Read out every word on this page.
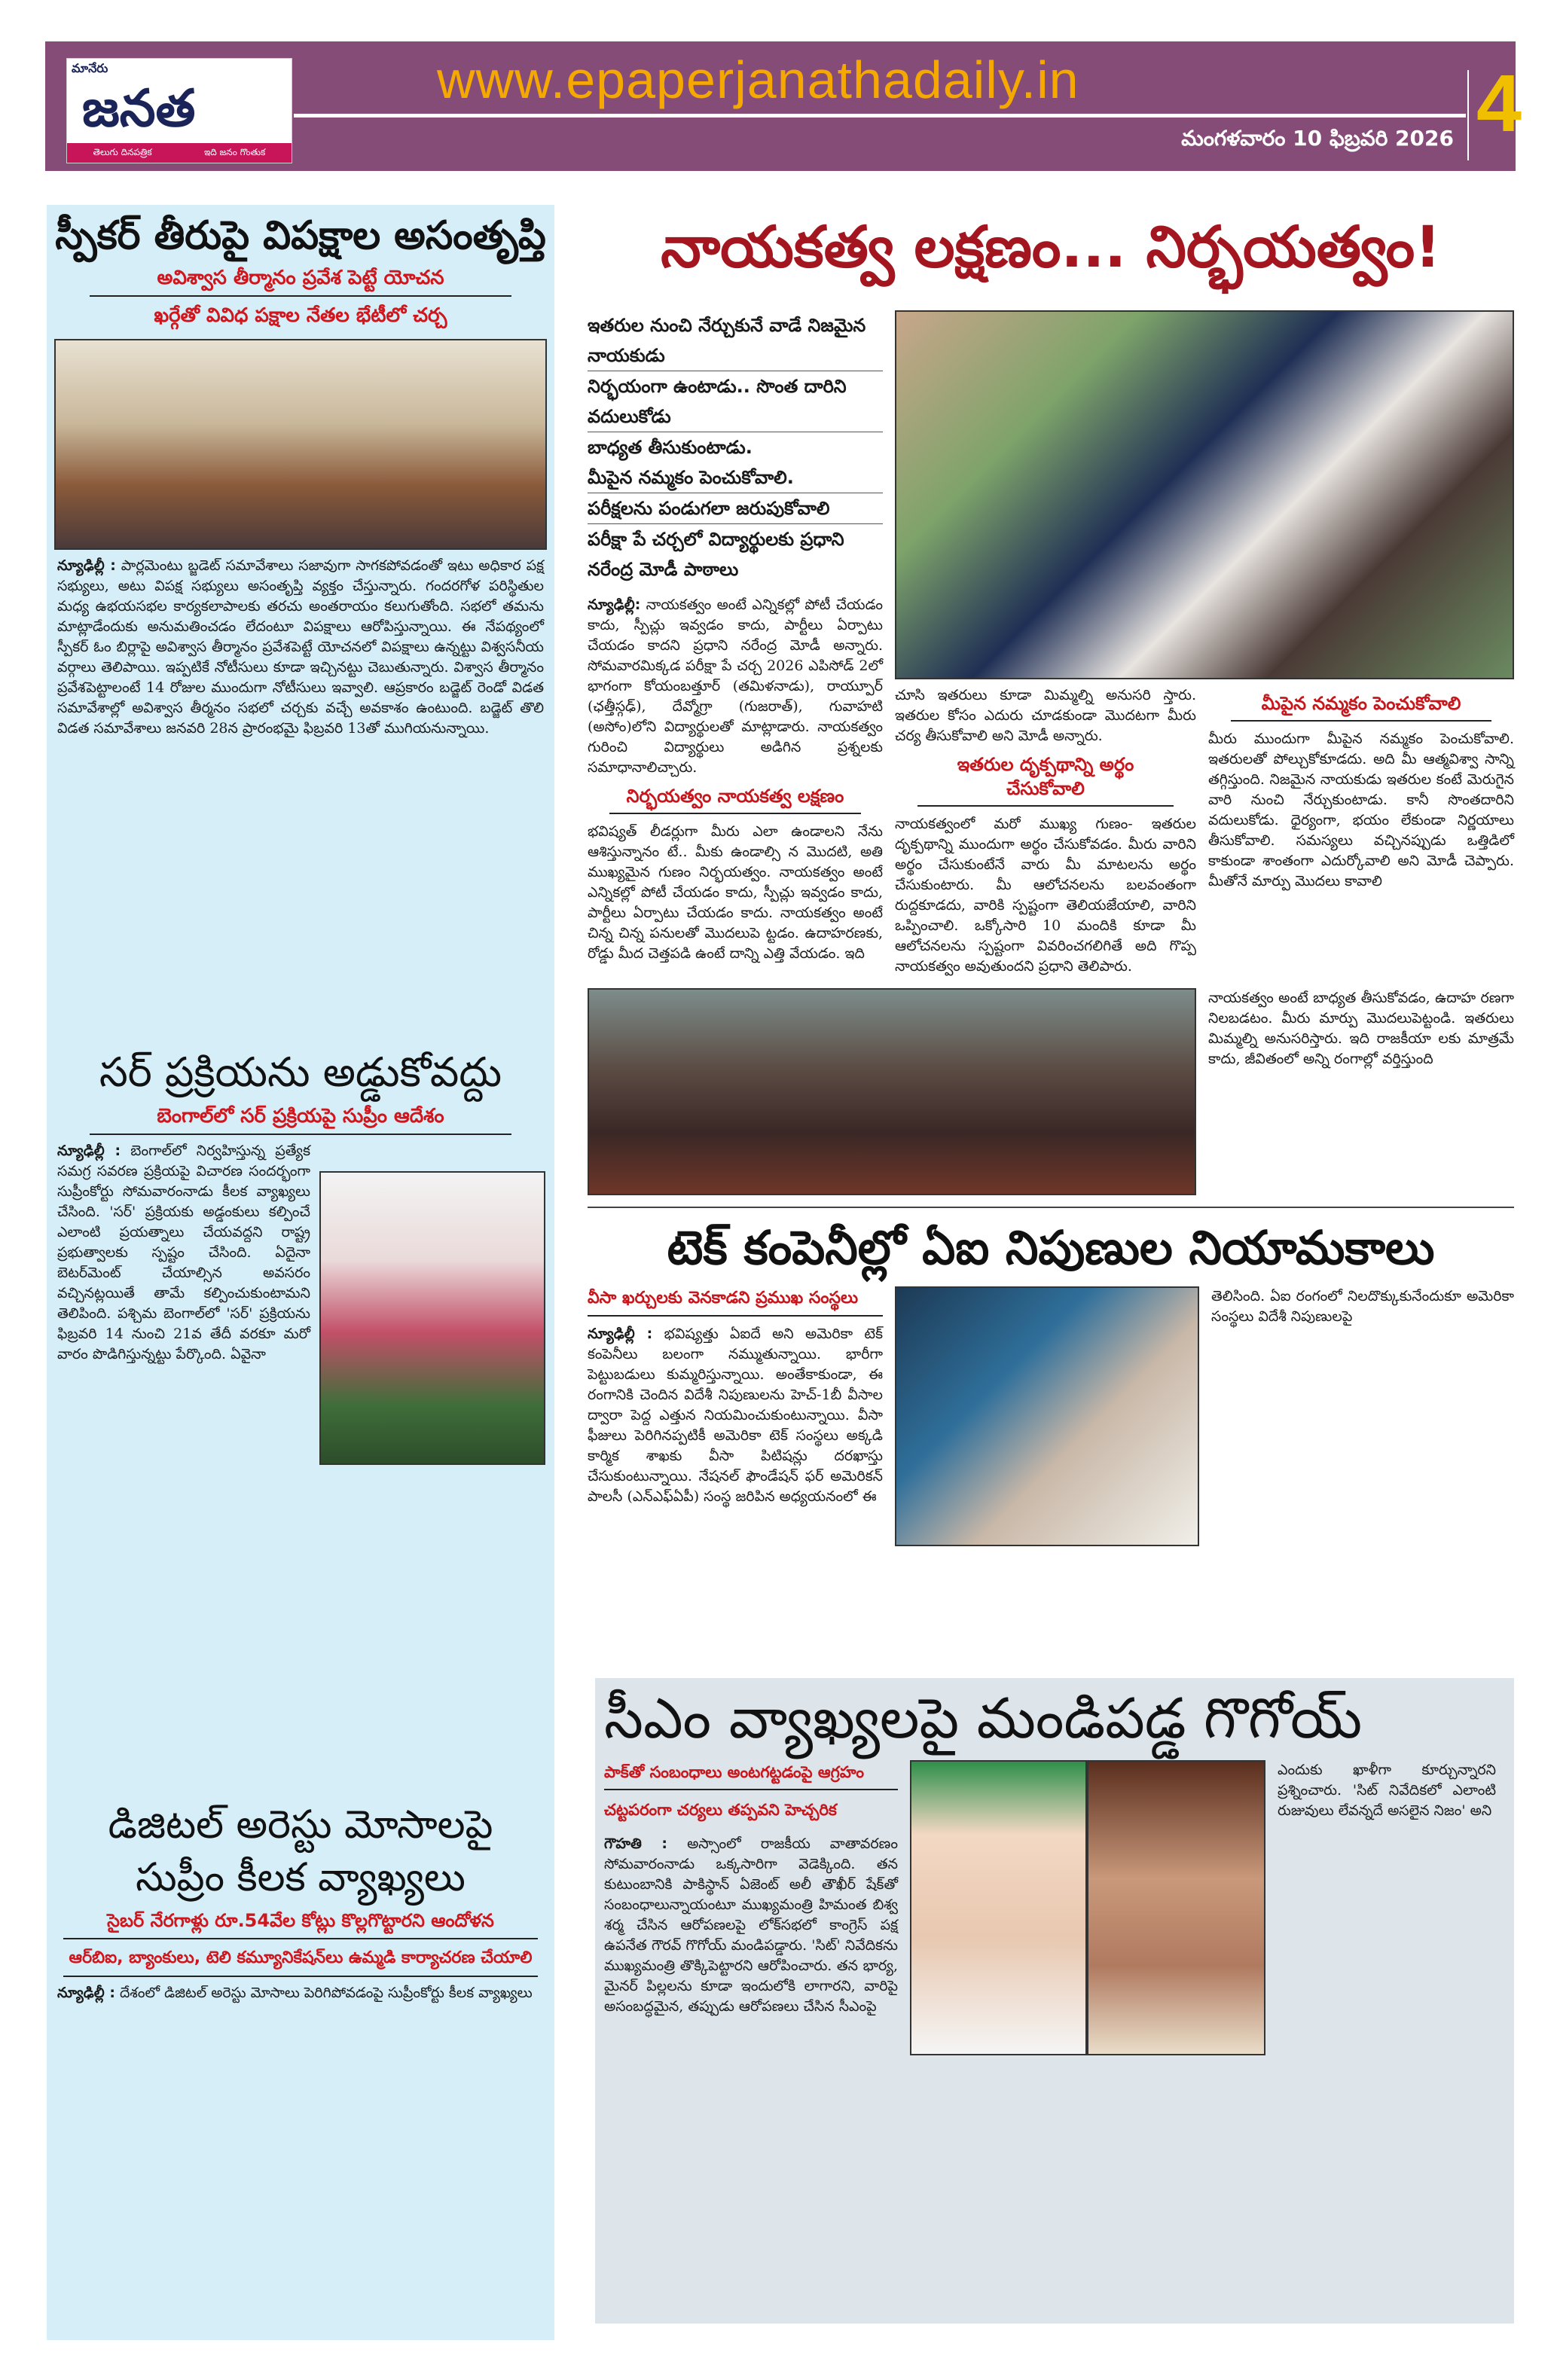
మానేరు
జనత
తెలుగు దినపత్రిక	ఇది జనం గొంతుక
www.epaperjanathadaily.in
మంగళవారం 10 ఫిబ్రవరి 2026 4
స్పీకర్ తీరుపై విపక్షాల అసంతృప్తి
అవిశ్వాస తీర్మానం ప్రవేశ పెట్టే యోచన
ఖర్గేతో వివిధ పక్షాల నేతల భేటీలో చర్చ
న్యూఢిల్లీ : పార్లమెంటు బ్జడెట్ సమావేశాలు సజావుగా సాగకపోవడంతో ఇటు అధికార పక్ష సభ్యులు, అటు విపక్ష సభ్యులు అసంతృప్తి వ్యక్తం చేస్తున్నారు. గందరగోళ పరిస్థితుల మధ్య ఉభయసభల కార్యకలాపాలకు తరచు అంతరాయం కలుగుతోంది. సభలో తమను మాట్లాడేందుకు అనుమతించడం లేదంటూ విపక్షాలు ఆరోపిస్తున్నాయి. ఈ నేపథ్యంలో స్పీకర్ ఓం బిర్లాపై అవిశ్వాస తీర్మానం ప్రవేశపెట్టే యోచనలో విపక్షాలు ఉన్నట్టు విశ్వసనీయ వర్గాలు తెలిపాయి. ఇప్పటికే నోటీసులు కూడా ఇచ్చినట్టు చెబుతున్నారు. విశ్వాస తీర్మానం ప్రవేశపెట్టాలంటే 14 రోజుల ముందుగా నోటీసులు ఇవ్వాలి. ఆప్రకారం బడ్జెట్ రెండో విడత సమావేశాల్లో అవిశ్వాస తీర్మనం సభలో చర్చకు వచ్చే అవకాశం ఉంటుంది. బడ్జెట్ తొలి విడత సమావేశాలు జనవరి 28న ప్రారంభమై ఫిబ్రవరి 13తో ముగియనున్నాయి.
సర్ ప్రక్రియను అడ్డుకోవద్దు
బెంగాల్‌లో సర్ ప్రక్రియపై సుప్రీం ఆదేశం
న్యూఢిల్లీ : బెంగాల్‌లో నిర్వహిస్తున్న ప్రత్యేక సమగ్ర సవరణ ప్రక్రియపై విచారణ సందర్భంగా సుప్రీంకోర్టు సోమవారంనాడు కీలక వ్యాఖ్యలు చేసింది. 'సర్' ప్రక్రియకు అడ్డంకులు కల్పించే ఎలాంటి ప్రయత్నాలు చేయవద్దని రాష్ట్ర ప్రభుత్వాలకు స్పష్టం చేసింది. ఏదైనా బెటర్‌మెంట్ చేయాల్సిన అవసరం వచ్చినట్లయితే తామే కల్పించుకుంటామని తెలిపింది. పశ్చిమ బెంగాల్‌లో 'సర్' ప్రక్రియను ఫిబ్రవరి 14 నుంచి 21వ తేదీ వరకూ మరో వారం పొడిగిస్తున్నట్టు పేర్కొంది. ఏవైనా
డిజిటల్ అరెస్టు మోసాలపై
సుప్రీం కీలక వ్యాఖ్యలు
సైబర్ నేరగాళ్లు రూ.54వేల కోట్లు కొల్లగొట్టారని ఆందోళన
ఆర్‌బిఐ, బ్యాంకులు, టెలి కమ్యూనికేషన్‌లు ఉమ్మడి కార్యాచరణ చేయాలి
న్యూఢిల్లీ : దేశంలో డిజిటల్ అరెస్టు మోసాలు పెరిగిపోవడంపై సుప్రీంకోర్టు కీలక వ్యాఖ్యలు
నాయకత్వ లక్షణం... నిర్భయత్వం!
ఇతరుల నుంచి నేర్చుకునే వాడే నిజమైన నాయకుడు
నిర్భయంగా ఉంటాడు.. సొంత దారిని వదులుకోడు
బాధ్యత తీసుకుంటాడు.
మీపైన నమ్మకం పెంచుకోవాలి.
పరీక్షలను పండుగలా జరుపుకోవాలి
పరీక్షా పే చర్చలో విద్యార్థులకు ప్రధాని నరేంద్ర మోడీ పాఠాలు
న్యూఢిల్లీ: నాయకత్వం అంటే ఎన్నికల్లో పోటీ చేయడం కాదు, స్పీచ్లు ఇవ్వడం కాదు, పార్టీలు ఏర్పాటు చేయడం కాదని ప్రధాని నరేంద్ర మోడీ అన్నారు. సోమవారమిక్కడ పరీక్షా పే చర్చ 2026 ఎపిసోడ్ 2లో భాగంగా కోయంబత్తూర్ (తమిళనాడు), రాయ్పూర్ (ఛత్తీస్గఢ్), దేవ్మోగ్రా (గుజరాత్), గువాహటి (అసోం)లోని విద్యార్థులతో మాట్లాడారు. నాయకత్వం గురించి విద్యార్థులు అడిగిన ప్రశ్నలకు సమాధానాలిచ్చారు.
నిర్భయత్వం నాయకత్వ లక్షణం
భవిష్యత్ లీడర్లుగా మీరు ఎలా ఉండాలని నేను ఆశిస్తున్నానం టే.. మీకు ఉండాల్సి న మొదటి, అతి ముఖ్యమైన గుణం నిర్భయత్వం. నాయకత్వం అంటే ఎన్నికల్లో పోటీ చేయడం కాదు, స్పీచ్లు ఇవ్వడం కాదు, పార్టీలు ఏర్పాటు చేయడం కాదు. నాయకత్వం అంటే చిన్న చిన్న పనులతో మొదలుపె ట్టడం. ఉదాహరణకు, రోడ్డు మీద చెత్తపడి ఉంటే దాన్ని ఎత్తి వేయడం. ఇది
చూసి ఇతరులు కూడా మిమ్మల్ని అనుసరి స్తారు. ఇతరుల కోసం ఎదురు చూడకుండా మొదటగా మీరు చర్య తీసుకోవాలి అని మోడీ అన్నారు.
ఇతరుల దృక్పథాన్ని అర్థం చేసుకోవాలి
నాయకత్వంలో మరో ముఖ్య గుణం- ఇతరుల దృక్పథాన్ని ముందుగా అర్థం చేసుకోవడం. మీరు వారిని అర్థం చేసుకుంటేనే వారు మీ మాటలను అర్థం చేసుకుంటారు. మీ ఆలోచనలను బలవంతంగా రుద్దకూడదు, వారికి స్పష్టంగా తెలియజేయాలి, వారిని ఒప్పించాలి. ఒక్కోసారి 10 మందికి కూడా మీ ఆలోచనలను స్పష్టంగా వివరించగలిగితే అది గొప్ప నాయకత్వం అవుతుందని ప్రధాని తెలిపారు.
మీపైన నమ్మకం పెంచుకోవాలి
మీరు ముందుగా మీపైన నమ్మకం పెంచుకోవాలి. ఇతరులతో పోల్చుకోకూడదు. అది మీ ఆత్మవిశ్వా సాన్ని తగ్గిస్తుంది. నిజమైన నాయకుడు ఇతరుల కంటే మెరుగైన వారి నుంచి నేర్చుకుంటాడు. కానీ సొంతదారిని వదులుకోడు. ధైర్యంగా, భయం లేకుండా నిర్ణయాలు తీసుకోవాలి. సమస్యలు వచ్చినప్పుడు ఒత్తిడిలో కాకుండా శాంతంగా ఎదుర్కోవాలి అని మోడీ చెప్పారు. మీతోనే మార్పు మొదలు కావాలి
నాయకత్వం అంటే బాధ్యత తీసుకోవడం, ఉదాహ రణగా నిలబడటం. మీరు మార్పు మొదలుపెట్టండి. ఇతరులు మిమ్మల్ని అనుసరిస్తారు. ఇది రాజకీయా లకు మాత్రమే కాదు, జీవితంలో అన్ని రంగాల్లో వర్తిస్తుంది
టెక్ కంపెనీల్లో ఏఐ నిపుణుల నియామకాలు
వీసా ఖర్చులకు వెనకాడని ప్రముఖ సంస్థలు
న్యూఢిల్లీ : భవిష్యత్తు ఏఐదే అని అమెరికా టెక్ కంపెనీలు బలంగా నమ్ముతున్నాయి. భారీగా పెట్టుబడులు కుమ్మరిస్తున్నాయి. అంతేకాకుండా, ఈ రంగానికి చెందిన విదేశీ నిపుణులను హెచ్-1బీ వీసాల ద్వారా పెద్ద ఎత్తున నియమించుకుంటున్నాయి. వీసా ఫీజులు పెరిగినప్పటికీ అమెరికా టెక్ సంస్థలు అక్కడి కార్మిక శాఖకు వీసా పిటిషన్లు దరఖాస్తు చేసుకుంటున్నాయి. నేషనల్ ఫౌండేషన్ ఫర్ అమెరికన్ పాలసీ (ఎన్ఎఫ్ఏపీ) సంస్థ జరిపిన అధ్యయనంలో ఈ
తెలిసింది. ఏఐ రంగంలో నిలదొక్కుకునేందుకూ అమెరికా సంస్థలు విదేశీ నిపుణులపై
సీఎం వ్యాఖ్యలపై మండిపడ్డ గొగోయ్
పాక్‌తో సంబంధాలు అంటగట్టడంపై ఆగ్రహం
చట్టపరంగా చర్యలు తప్పవని హెచ్చరిక
గౌహతి : అస్సాంలో రాజకీయ వాతావరణం సోమవారంనాడు ఒక్కసారిగా వెడెక్కింది. తన కుటుంబానికి పాకిస్థాన్ ఏజెంట్ అలీ తౌఖీర్ షేక్‌తో సంబంధాలున్నాయంటూ ముఖ్యమంత్రి హిమంత బిశ్వ శర్మ చేసిన ఆరోపణలపై లోక్‌సభలో కాంగ్రెస్ పక్ష ఉపనేత గౌరవ్ గొగోయ్ మండిపడ్డారు. 'సిట్' నివేదికను ముఖ్యమంత్రి తొక్కిపెట్టారని ఆరోపించారు. తన భార్య, మైనర్ పిల్లలను కూడా ఇందులోకి లాగారని, వారిపై అసంబద్ధమైన, తప్పుడు ఆరోపణలు చేసిన సీఎంపై
ఎందుకు ఖాళీగా కూర్చున్నారని ప్రశ్నించారు. 'సిట్ నివేదికలో ఎలాంటి రుజువులు లేవన్నదే అసలైన నిజం' అని
